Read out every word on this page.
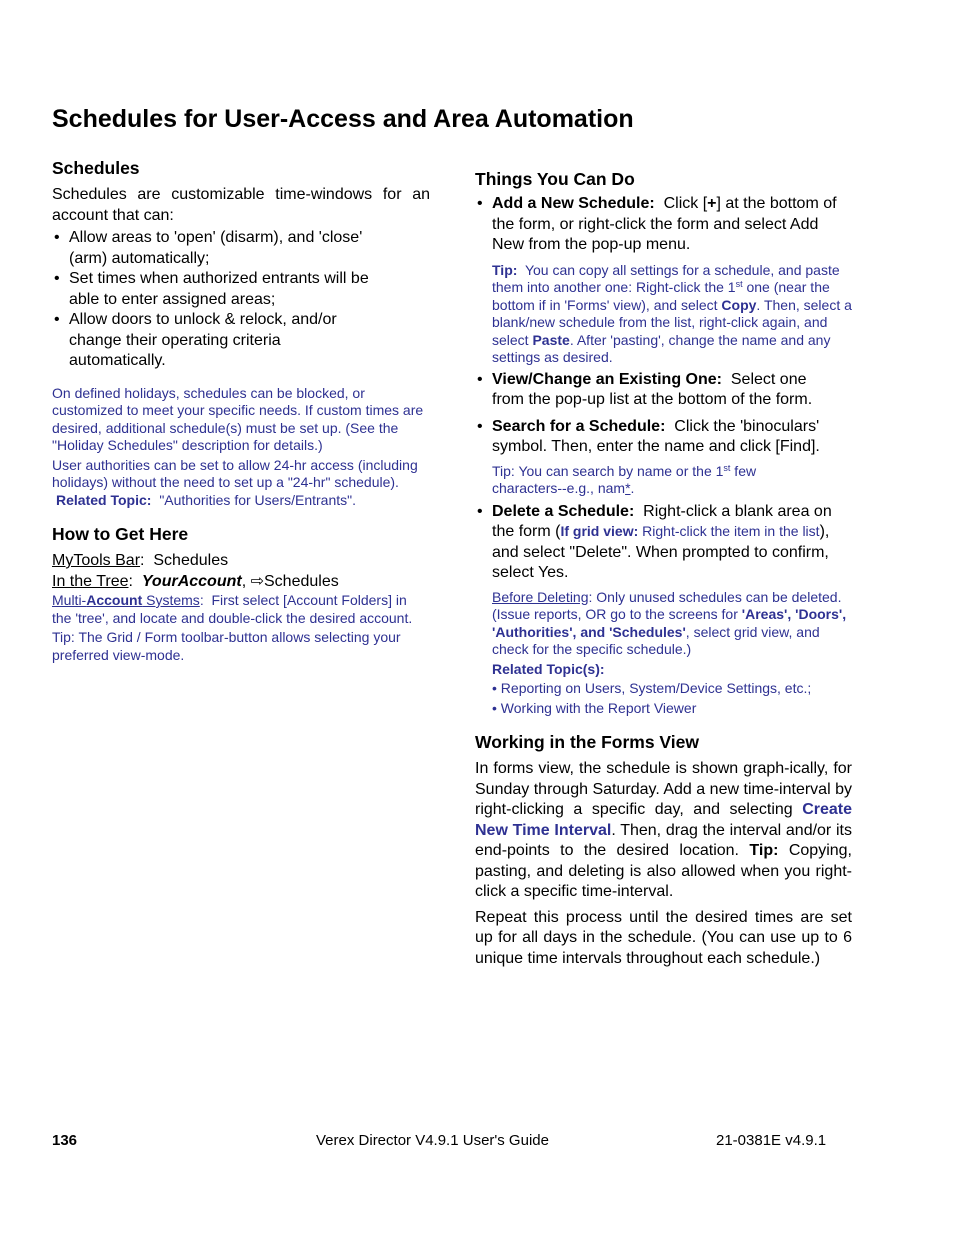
Schedules for User-Access and Area Automation
Schedules

Schedules are customizable time-windows for an account that can:

• Allow areas to 'open' (disarm), and 'close' (arm) automatically;
• Set times when authorized entrants will be able to enter assigned areas;
• Allow doors to unlock & relock, and/or change their operating criteria automatically.

On defined holidays, schedules can be blocked, or customized to meet your specific needs. If custom times are desired, additional schedule(s) must be set up. (See the "Holiday Schedules" description for details.)

User authorities can be set to allow 24-hr access (including holidays) without the need to set up a "24-hr" schedule). Related Topic: "Authorities for Users/Entrants".

How to Get Here

MyTools Bar:  Schedules

In the Tree:  YourAccount, ⇨Schedules

Multi-Account Systems:  First select [Account Folders] in the 'tree', and locate and double-click the desired account.

Tip: The Grid / Form toolbar-button allows selecting your preferred view-mode.

Things You Can Do
• Add a New Schedule: Click [+] at the bottom of the form, or right-click the form and select Add New from the pop-up menu.

Tip: You can copy all settings for a schedule, and paste them into another one: Right-click the 1st one (near the bottom if in 'Forms' view), and select Copy. Then, select a blank/new schedule from the list, right-click again, and select Paste. After 'pasting', change the name and any settings as desired.

• View/Change an Existing One: Select one from the pop-up list at the bottom of the form.
• Search for a Schedule: Click the 'binoculars' symbol. Then, enter the name and click [Find].

Tip: You can search by name or the 1st few characters--e.g., nam*.

• Delete a Schedule: Right-click a blank area on the form (If grid view: Right-click the item in the list), and select "Delete". When prompted to confirm, select Yes.

Before Deleting: Only unused schedules can be deleted. (Issue reports, OR go to the screens for 'Areas', 'Doors', 'Authorities', and 'Schedules', select grid view, and check for the specific schedule.)

Related Topic(s):

• Reporting on Users, System/Device Settings, etc.;

• Working with the Report Viewer

Working in the Forms View

In forms view, the schedule is shown graph-ically, for Sunday through Saturday. Add a new time-interval by right-clicking a specific day, and selecting Create New Time Interval. Then, drag the interval and/or its end-points to the desired location. Tip: Copying, pasting, and deleting is also allowed when you right-click a specific time-interval.

Repeat this process until the desired times are set up for all days in the schedule. (You can use up to 6 unique time intervals throughout each schedule.)

136	Verex Director V4.9.1 User's Guide	21-0381E v4.9.1
